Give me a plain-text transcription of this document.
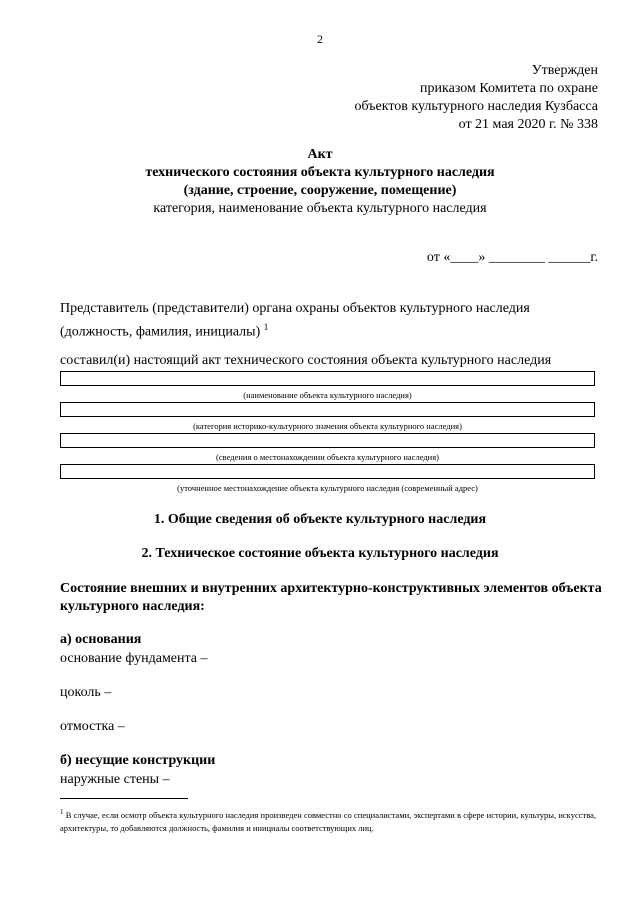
2
Утвержден
приказом Комитета по охране
объектов культурного наследия Кузбасса
от 21 мая 2020 г. № 338
Акт
технического состояния объекта культурного наследия
(здание, строение, сооружение, помещение)
категория, наименование объекта культурного наследия
от «____» ________ ______г.
Представитель (представители) органа охраны объектов культурного наследия
(должность, фамилия, инициалы) $^1$
составил(и) настоящий акт технического состояния объекта культурного наследия
(наименование объекта культурного наследия)
(категория историко-культурного значения объекта культурного наследия)
(сведения о местонахождении объекта культурного наследия)
(уточненное местонахождение объекта культурного наследия (современный адрес)
1. Общие сведения об объекте культурного наследия
2. Техническое состояние объекта культурного наследия
Состояние внешних и внутренних архитектурно-конструктивных элементов объекта культурного наследия:
а) основания
основание фундамента –
цоколь –
отмостка –
б) несущие конструкции
наружные стены –
$^1$ В случае, если осмотр объекта культурного наследия произведен совместно со специалистами, экспертами в сфере истории, культуры, искусства, архитектуры, то добавляются должность, фамилия и инициалы соответствующих лиц.
